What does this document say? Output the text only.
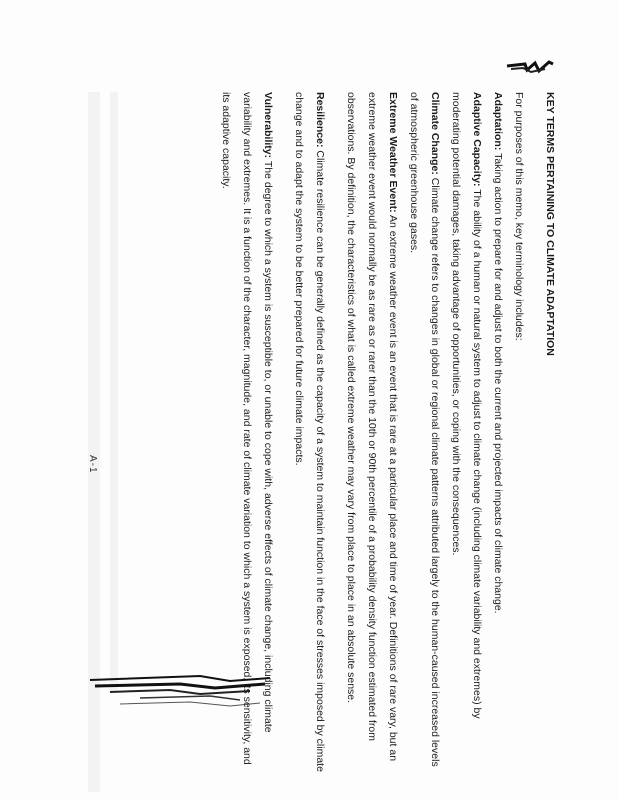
KEY TERMS PERTAINING TO CLIMATE ADAPTATION

For purposes of this memo, key terminology includes:

Adaptation: Taking action to prepare for and adjust to both the current and projected impacts of climate change.

Adaptive Capacity: The ability of a human or natural system to adjust to climate change (including climate variability and extremes) by moderating potential damages, taking advantage of opportunities, or coping with the consequences.

Climate Change: Climate change refers to changes in global or regional climate patterns attributed largely to the human-caused increased levels of atmospheric greenhouse gases.

Extreme Weather Event: An extreme weather event is an event that is rare at a particular place and time of year. Definitions of rare vary, but an extreme weather event would normally be as rare as or rarer than the 10th or 90th percentile of a probability density function estimated from observations. By definition, the characteristics of what is called extreme weather may vary from place to place in an absolute sense.

Resilience: Climate resilience can be generally defined as the capacity of a system to maintain function in the face of stresses imposed by climate change and to adapt the system to be better prepared for future climate impacts.

Vulnerability: The degree to which a system is susceptible to, or unable to cope with, adverse effects of climate change, including climate variability and extremes. It is a function of the character, magnitude, and rate of climate variation to which a system is exposed, its sensitivity, and its adaptive capacity.

A-1
